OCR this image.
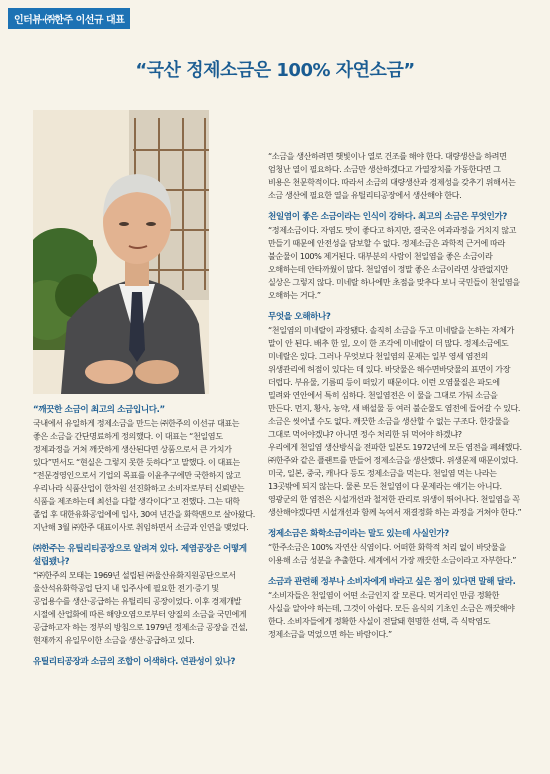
인터뷰·㈜한주 이선규 대표
“국산 정제소금은 100% 자연소금”

“깨끗한 소금이 최고의 소금입니다.”

국내에서 유일하게 정제소금을 만드는 ㈜한주의 이선규 대표는 좋은 소금을 간단명료하게 정의했다. 이 대표는 “천일염도 정제과정을 거쳐 깨끗하게 생산된다면 상품으로서 큰 가치가 있다”면서도 “현실은 그렇지 못한 듯하다”고 말했다. 이 대표는 “전문경영인으로서 기업의 목표를 이윤추구에만 국한하지 않고 우리나라 식품산업이 한차원 선진화하고 소비자로부터 신뢰받는 식품을 제조하는데 최선을 다할 생각이다”고 전했다. 그는 대학 졸업 후 대한유화공업에에 입사, 30여 년간을 화학맨으로 살아왔다. 지난해 3월 ㈜한주 대표이사로 취임하면서 소금과 인연을 맺었다.

㈜한주는 유틸리티공장으로 알려져 있다. 제염공장은 어떻게 설립됐나?

“㈜한주의 모태는 1969년 설립된 ㈜울산유화지원공단으로서 울산석유화학공업 단지 내 입주사에 필요한 전기·증기 및 공업용수를 생산·공급하는 유틸리티 공장이었다. 이후 경제개발 시절에 산업화에 따른 해양오염으로부터 양질의 소금을 국민에게 공급하고자 하는 정부의 방침으로 1979년 정제소금 공장을 건설, 현재까지 유일무이한 소금을 생산·공급하고 있다.

유틸리티공장과 소금의 조합이 어색하다. 연관성이 있나?

“소금을 생산하려면 햇빛이나 열로 건조를 해야 한다. 대량생산을 하려면 엄청난 열이 필요하다. 소금만 생산하겠다고 가열장치를 가동한다면 그 비용은 천문학적이다. 따라서 소금의 대량생산과 경제성을 갖추기 위해서는 소금 생산에 필요한 열을 유틸리티공장에서 생산해야 한다.

천일염이 좋은 소금이라는 인식이 강하다. 최고의 소금은 무엇인가?

“정제소금이다. 자염도 맛이 좋다고 하지만, 결국은 여과과정을 거치지 않고 만들기 때문에 안전성을 담보할 수 없다. 정제소금은 과학적 근거에 따라 불순물이 100% 제거된다. 대부분의 사람이 천일염을 좋은 소금이라 오해하는데 안타까웠이 많다. 천일염이 정말 좋은 소금이라면 상관없지만 실상은 그렇지 않다. 미네랄 하나에만 초점을 맞추다 보니 국민들이 천일염을 오해하는 거다.”

무엇을 오해하나?

“천일염의 미네랄이 과장됐다. 솔직히 소금을 두고 미네랄을 논하는 자체가 말이 안 된다. 배추 한 잎, 오이 한 조각에 미네랄이 더 많다. 정제소금에도 미네랄은 있다. 그러나 무엇보다 천일염의 문제는 일부 영세 염전의 위생관리에 허점이 있다는 데 있다. 바닷물은 해수면바닷물의 표면이 가장 더럽다. 부유물, 기름띠 등이 떠있기 때문이다. 이런 오염물질은 파도에 밀려와 연안에서 특히 심하다. 천일염전은 이 물을 그대로 가둬 소금을 만든다. 먼지, 황사, 농약, 새 배설물 등 여러 불순물도 염전에 들어갈 수 있다. 소금은 씻어낼 수도 없다. 깨끗한 소금을 생산할 수 없는 구조다. 한강물을 그대로 먹어야겠냐? 아니면 정수 처리한 뒤 먹어야 하겠냐?
우리에게 천일염 생산방식을 전파한 일본도 1972년에 모든 염전을 폐쇄했다. ㈜한주와 같은 플랜트를 만들어 정제소금을 생산했다. 위생문제 때문이었다. 미국, 일본, 중국, 캐나다 등도 정제소금을 먹는다. 천일염 먹는 나라는 13곳밖에 되지 않는다. 물론 모든 천일염이 다 문제라는 얘기는 아니다. 영광군의 한 염전은 시설개선과 철저한 관리로 위생이 뛰어나다. 천일염을 꼭 생산해야겠다면 시설개선과 함께 녹여서 재결정화 하는 과정을 거쳐야 한다.”

정제소금은 화학소금이라는 말도 있는데 사실인가?

“한주소금은 100% 자연산 식염이다. 어떠한 화학적 처리 없이 바닷물을 이용해 소금 성분을 추출한다. 세계에서 가장 깨끗한 소금이라고 자부한다.”

소금과 관련해 정부나 소비자에게 바라고 싶은 점이 있다면 말해 달라.

“소비자들은 천일염이 어떤 소금인지 잘 모른다. 먹거리인 만큼 정확한 사실을 알아야 하는데, 그것이 아쉽다. 모든 음식의 기초인 소금은 깨끗해야 한다. 소비자들에게 정확한 사실이 전달돼 현명한 선택, 즉 식탁염도 정제소금을 먹었으면 하는 바람이다.”
